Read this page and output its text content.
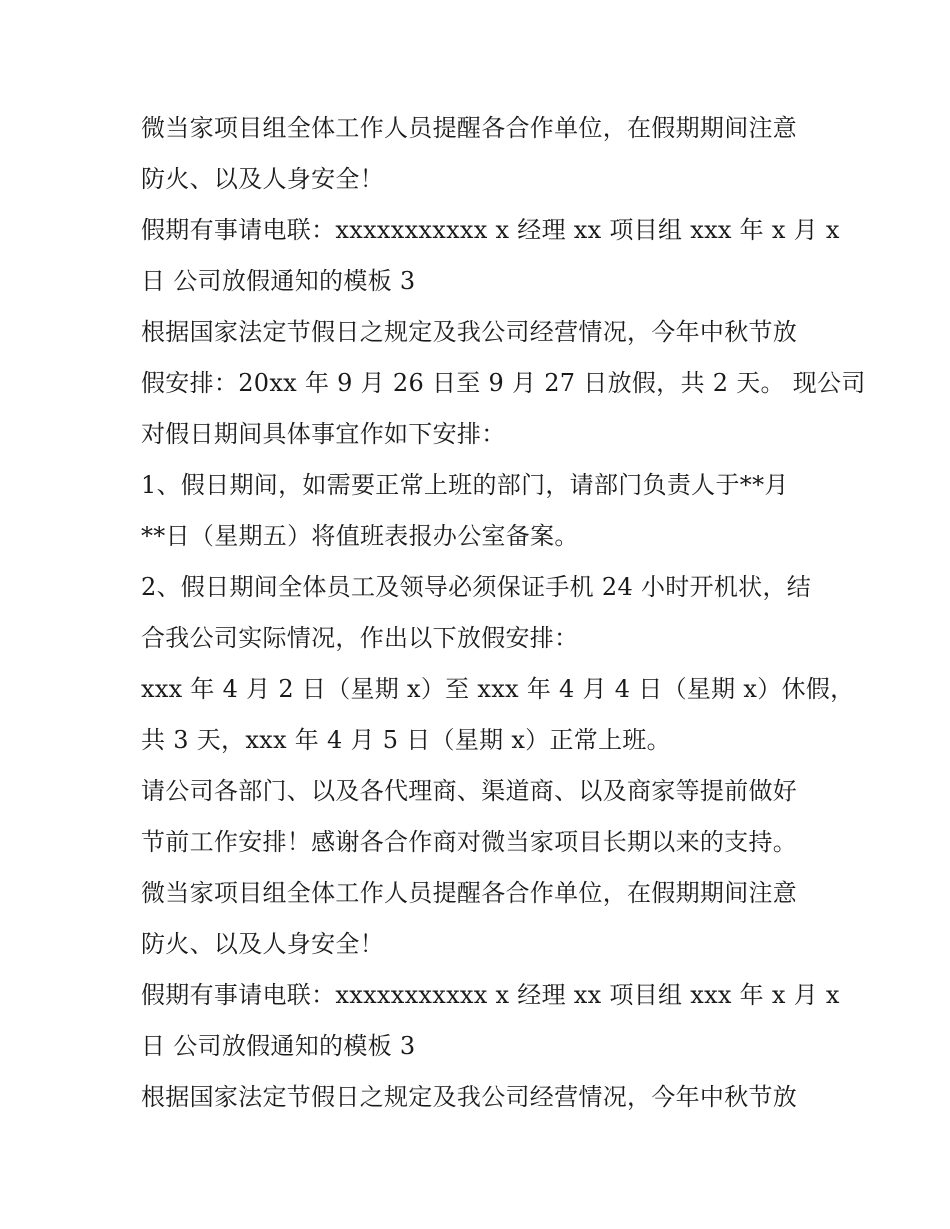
微当家项目组全体工作人员提醒各合作单位，在假期期间注意
防火、以及人身安全！
假期有事请电联：xxxxxxxxxxx x 经理 xx 项目组 xxx 年 x 月 x
日 公司放假通知的模板 3
根据国家法定节假日之规定及我公司经营情况，今年中秋节放
假安排：20xx 年 9 月 26 日至 9 月 27 日放假，共 2 天。 现公司
对假日期间具体事宜作如下安排：
1、假日期间，如需要正常上班的部门，请部门负责人于**月
**日（星期五）将值班表报办公室备案。
2、假日期间全体员工及领导必须保证手机 24 小时开机状，结
合我公司实际情况，作出以下放假安排：
xxx 年 4 月 2 日（星期 x）至 xxx 年 4 月 4 日（星期 x）休假，
共 3 天，xxx 年 4 月 5 日（星期 x）正常上班。
请公司各部门、以及各代理商、渠道商、以及商家等提前做好
节前工作安排！感谢各合作商对微当家项目长期以来的支持。
微当家项目组全体工作人员提醒各合作单位，在假期期间注意
防火、以及人身安全！
假期有事请电联：xxxxxxxxxxx x 经理 xx 项目组 xxx 年 x 月 x
日 公司放假通知的模板 3
根据国家法定节假日之规定及我公司经营情况，今年中秋节放
